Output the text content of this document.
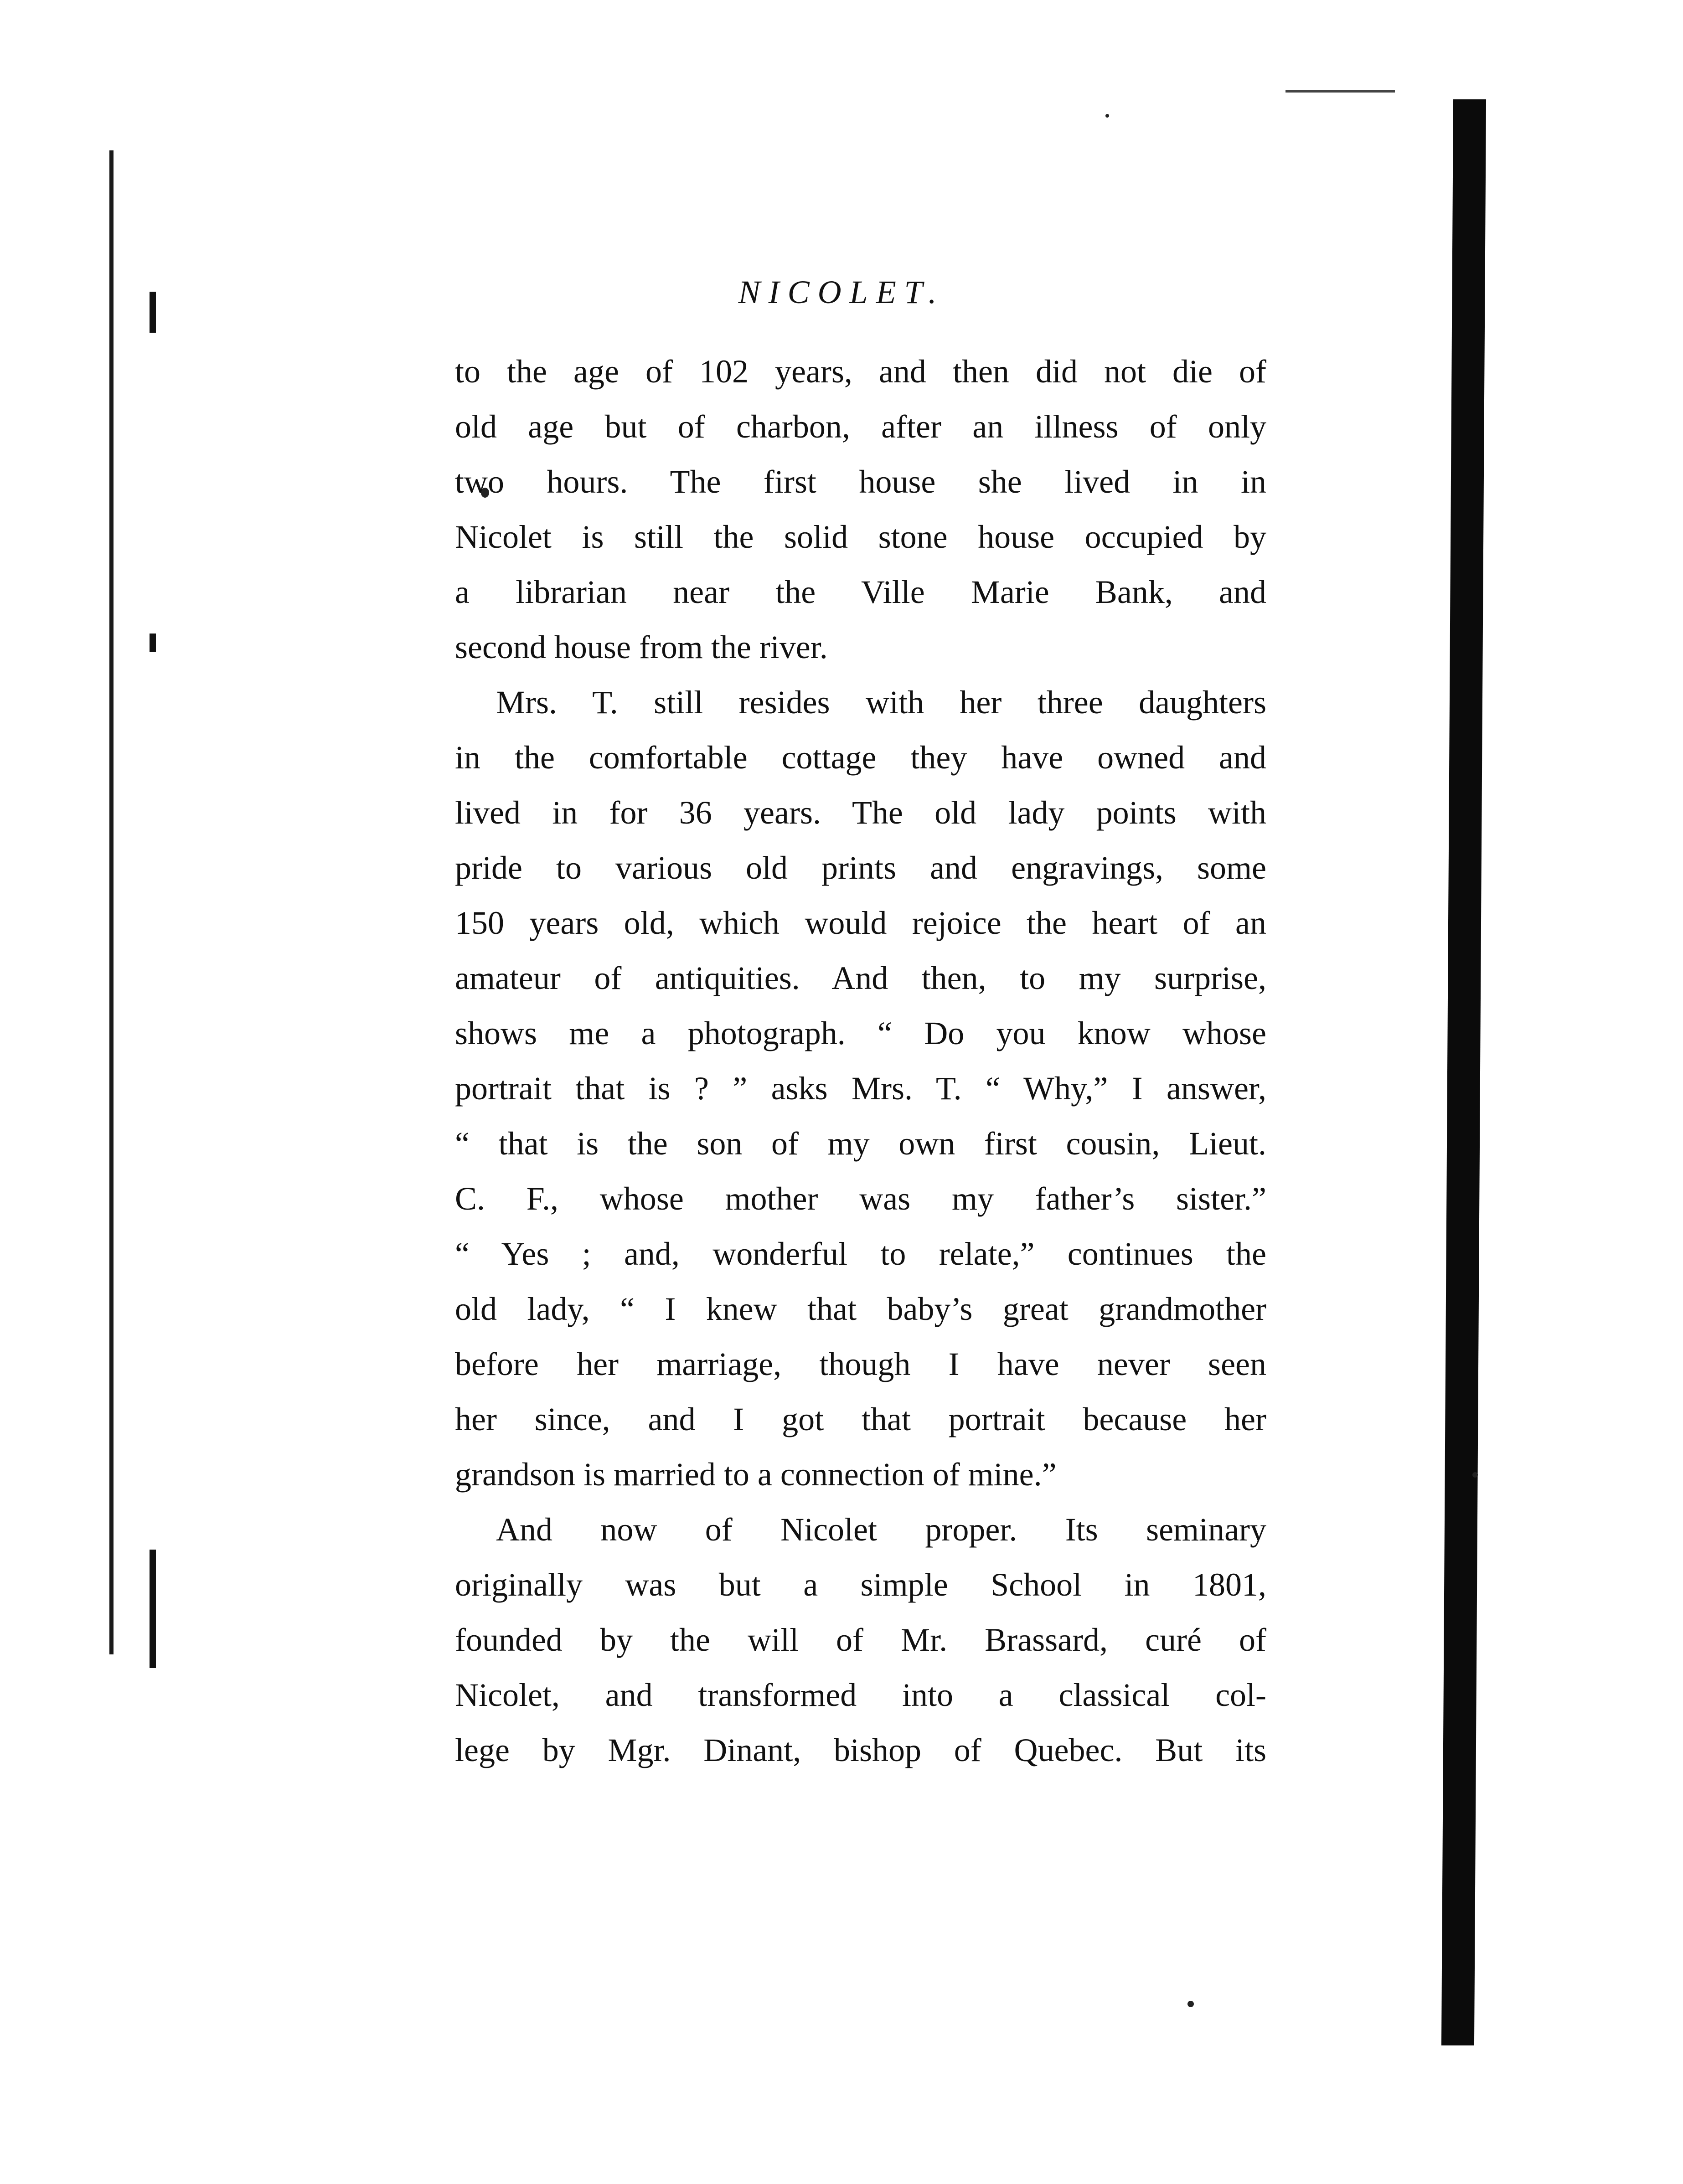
NICOLET.
to the age of 102 years, and then did not die of
old age but of charbon, after an illness of only
two hours. The first house she lived in in
Nicolet is still the solid stone house occupied by
a librarian near the Ville Marie Bank, and
second house from the river.
Mrs. T. still resides with her three daughters
in the comfortable cottage they have owned and
lived in for 36 years. The old lady points with
pride to various old prints and engravings, some
150 years old, which would rejoice the heart of an
amateur of antiquities. And then, to my surprise,
shows me a photograph. “ Do you know whose
portrait that is ? ” asks Mrs. T. “ Why,” I answer,
“ that is the son of my own first cousin, Lieut.
C. F., whose mother was my father’s sister.”
“ Yes ; and, wonderful to relate,” continues the
old lady, “ I knew that baby’s great grandmother
before her marriage, though I have never seen
her since, and I got that portrait because her
grandson is married to a connection of mine.”
And now of Nicolet proper. Its seminary
originally was but a simple School in 1801,
founded by the will of Mr. Brassard, curé of
Nicolet, and transformed into a classical col-
lege by Mgr. Dinant, bishop of Quebec. But its
